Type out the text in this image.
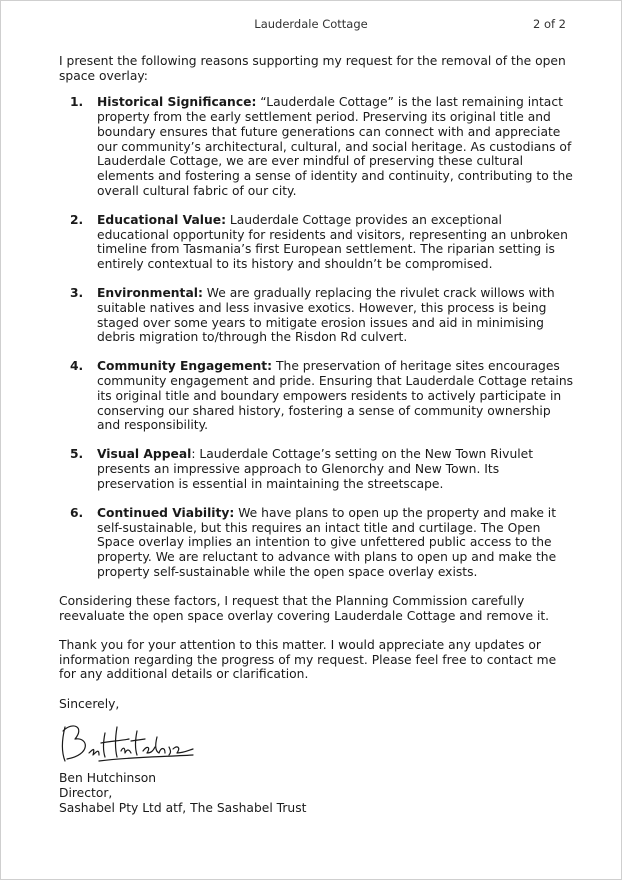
Lauderdale Cottage	2 of 2

I present the following reasons supporting my request for the removal of the open space overlay:

1. Historical Significance: “Lauderdale Cottage” is the last remaining intact property from the early settlement period. Preserving its original title and boundary ensures that future generations can connect with and appreciate our community’s architectural, cultural, and social heritage. As custodians of Lauderdale Cottage, we are ever mindful of preserving these cultural elements and fostering a sense of identity and continuity, contributing to the overall cultural fabric of our city.
2. Educational Value: Lauderdale Cottage provides an exceptional educational opportunity for residents and visitors, representing an unbroken timeline from Tasmania’s first European settlement. The riparian setting is entirely contextual to its history and shouldn’t be compromised.
3. Environmental: We are gradually replacing the rivulet crack willows with suitable natives and less invasive exotics. However, this process is being staged over some years to mitigate erosion issues and aid in minimising debris migration to/through the Risdon Rd culvert.
4. Community Engagement: The preservation of heritage sites encourages community engagement and pride. Ensuring that Lauderdale Cottage retains its original title and boundary empowers residents to actively participate in conserving our shared history, fostering a sense of community ownership and responsibility.
5. Visual Appeal: Lauderdale Cottage’s setting on the New Town Rivulet presents an impressive approach to Glenorchy and New Town. Its preservation is essential in maintaining the streetscape.
6. Continued Viability: We have plans to open up the property and make it self-sustainable, but this requires an intact title and curtilage. The Open Space overlay implies an intention to give unfettered public access to the property. We are reluctant to advance with plans to open up and make the property self-sustainable while the open space overlay exists.

Considering these factors, I request that the Planning Commission carefully reevaluate the open space overlay covering Lauderdale Cottage and remove it.

Thank you for your attention to this matter. I would appreciate any updates or information regarding the progress of my request. Please feel free to contact me for any additional details or clarification.

Sincerely,

Ben Hutchinson
Director,
Sashabel Pty Ltd atf, The Sashabel Trust
